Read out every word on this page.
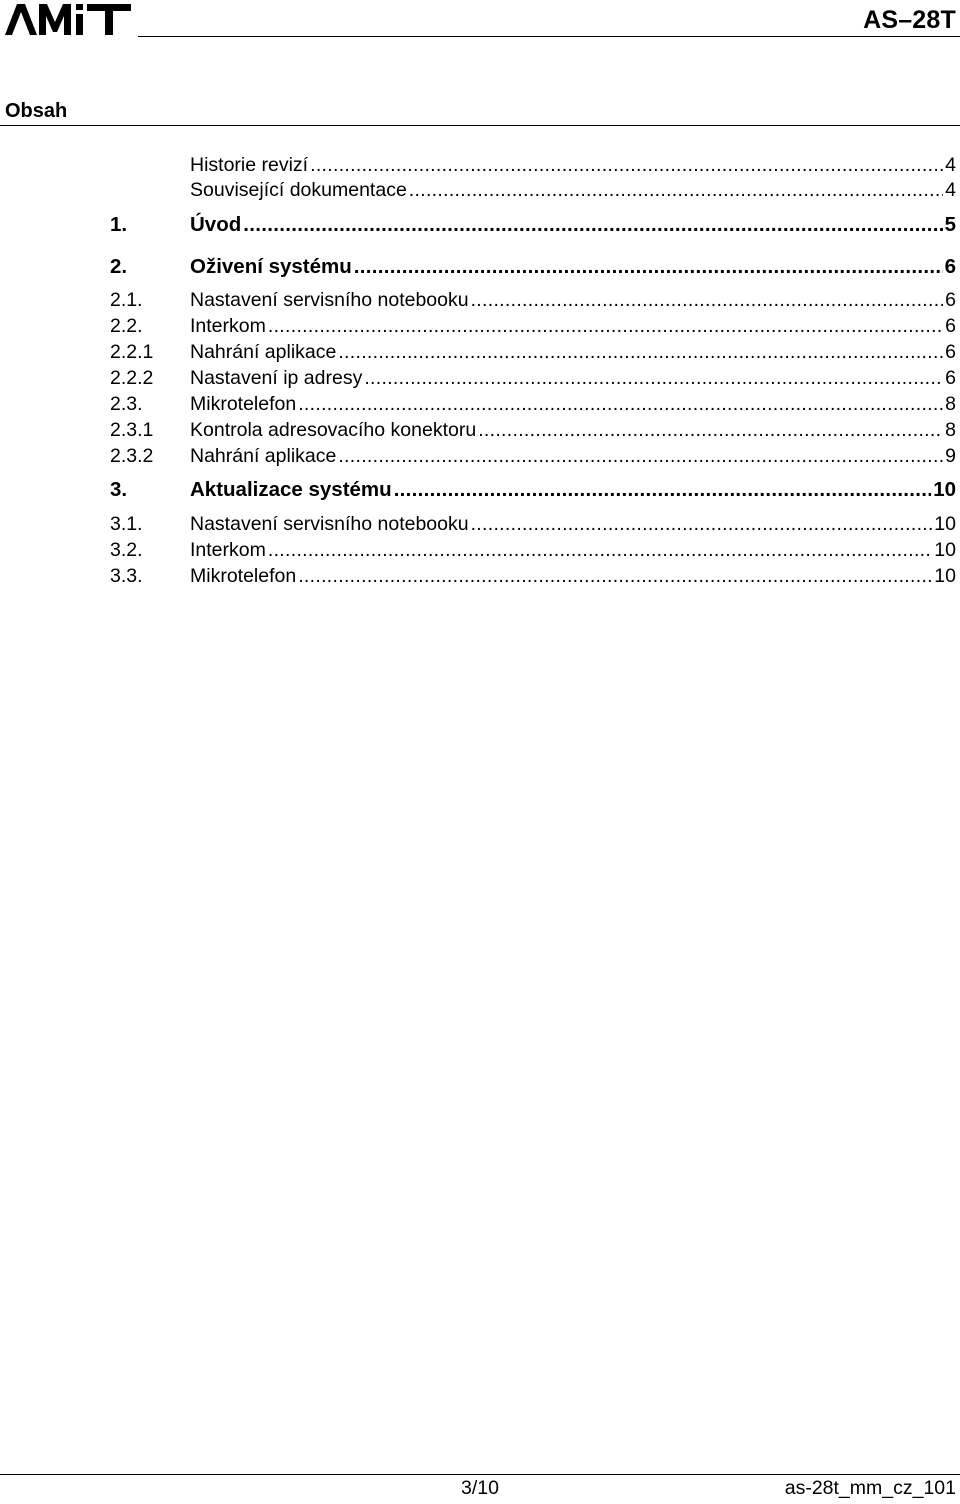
AS–28T
Obsah
Historie revizí .....	4
Související dokumentace .....	4
1.	Úvod .....	5
2.	Oživení systému .....	6
2.1.	Nastavení servisního notebooku .....	6
2.2.	Interkom .....	6
2.2.1	Nahrání aplikace .....	6
2.2.2	Nastavení ip adresy .....	6
2.3.	Mikrotelefon .....	8
2.3.1	Kontrola adresovacího konektoru .....	8
2.3.2	Nahrání aplikace .....	9
3.	Aktualizace systému .....	10
3.1.	Nastavení servisního notebooku .....	10
3.2.	Interkom .....	10
3.3.	Mikrotelefon .....	10
3/10	as-28t_mm_cz_101
